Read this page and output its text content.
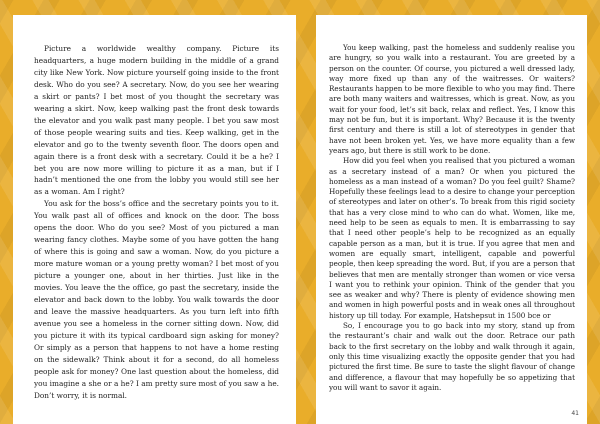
Picture a worldwide wealthy company. Picture its headquarters, a huge modern building in the middle of a grand city like New York. Now picture yourself going inside to the front desk. Who do you see? A secretary. Now, do you see her wearing a skirt or pants? I bet most of you thought the secretary was wearing a skirt. Now, keep walking past the front desk towards the elevator and you walk past many people. I bet you saw most of those people wearing suits and ties. Keep walking, get in the elevator and go to the twenty seventh floor. The doors open and again there is a front desk with a secretary. Could it be a he? I bet you are now more willing to picture it as a man, but if I hadn’t mentioned the one from the lobby you would still see her as a woman. Am I right?

You ask for the boss’s office and the secretary points you to it. You walk past all of offices and knock on the door. The boss opens the door. Who do you see? Most of you pictured a man wearing fancy clothes. Maybe some of you have gotten the hang of where this is going and saw a woman. Now, do you picture a more mature woman or a young pretty woman? I bet most of you picture a younger one, about in her thirties. Just like in the movies. You leave the the office, go past the secretary, inside the elevator and back down to the lobby. You walk towards the door and leave the massive headquarters. As you turn left into fifth avenue you see a homeless in the corner sitting down. Now, did you picture it with its typical cardboard sign asking for money? Or simply as a person that happens to not have a home resting on the sidewalk? Think about it for a second, do all homeless people ask for money? One last question about the homeless, did you imagine a she or a he? I am pretty sure most of you saw a he. Don’t worry, it is normal.

You keep walking, past the homeless and suddenly realise you are hungry, so you walk into a restaurant. You are greeted by a person on the counter. Of course, you pictured a well dressed lady, way more fixed up than any of the waitresses. Or waiters? Restaurants happen to be more flexible to who you may find. There are both many waiters and waitresses, which is great. Now, as you wait for your food, let’s sit back, relax and reflect. Yes, I know this may not be fun, but it is important. Why? Because it is the twenty first century and there is still a lot of stereotypes in gender that have not been broken yet. Yes, we have more equality than a few years ago, but there is still work to be done.

How did you feel when you realised that you pictured a woman as a secretary instead of a man? Or when you pictured the homeless as a man instead of a woman? Do you feel guilt? Shame? Hopefully these feelings lead to a desire to change your perception of stereotypes and later on other’s. To break from this rigid society that has a very close mind to who can do what. Women, like me, need help to be seen as equals to men. It is embarrassing to say that I need other people’s help to be recognized as an equally capable person as a man, but it is true. If you agree that men and women are equally smart, intelligent, capable and powerful people, then keep spreading the word. But, if you are a person that believes that men are mentally stronger than women or vice versa I want you to rethink your opinion. Think of the gender that you see as weaker and why? There is plenty of evidence showing men and women in high powerful posts and in weak ones all throughout history up till today. For example, Hatshepsut in 1500 bce or

So, I encourage you to go back into my story, stand up from the restaurant’s chair and walk out the door. Retrace our path back to the first secretary on the lobby and walk through it again, only this time visualizing exactly the opposite gender that you had pictured the first time. Be sure to taste the slight flavour of change and difference, a flavour that may hopefully be so appetizing that you will want to savor it again.

41
